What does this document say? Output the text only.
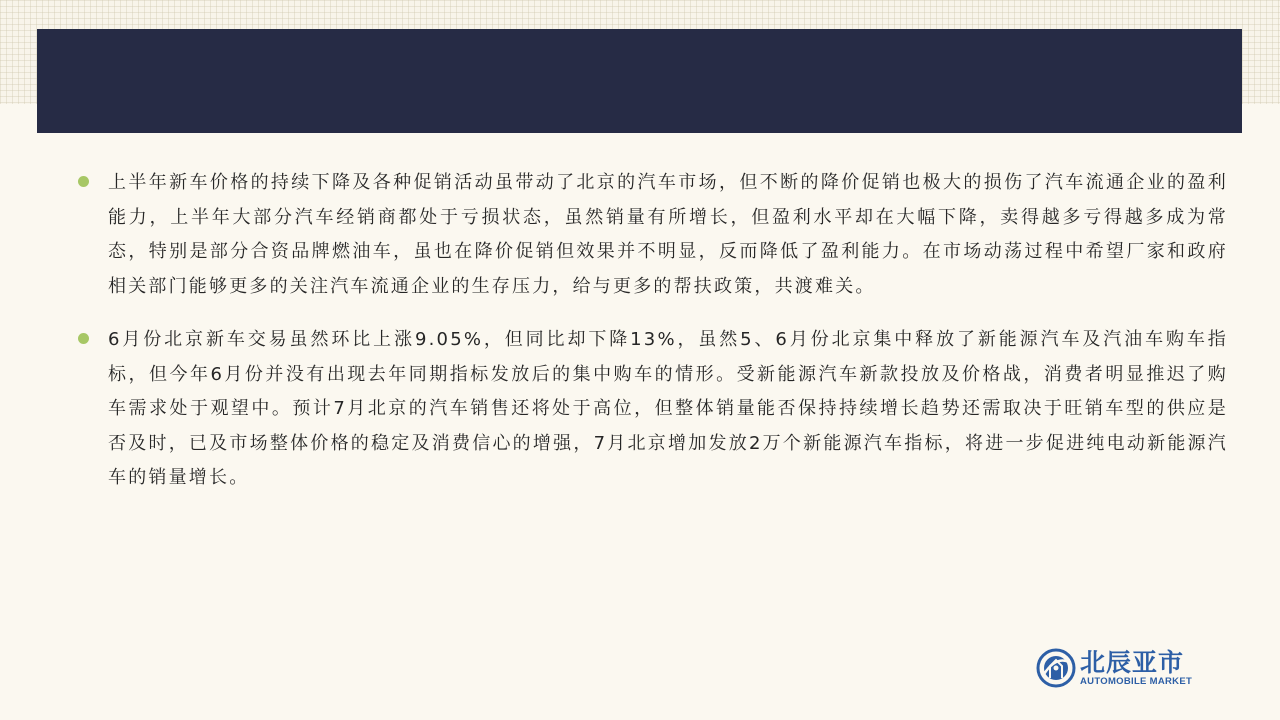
上半年新车价格的持续下降及各种促销活动虽带动了北京的汽车市场，但不断的降价促销也极大的损伤了汽车流通企业的盈利能力，上半年大部分汽车经销商都处于亏损状态，虽然销量有所增长，但盈利水平却在大幅下降，卖得越多亏得越多成为常态，特别是部分合资品牌燃油车，虽也在降价促销但效果并不明显，反而降低了盈利能力。在市场动荡过程中希望厂家和政府相关部门能够更多的关注汽车流通企业的生存压力，给与更多的帮扶政策，共渡难关。
6月份北京新车交易虽然环比上涨9.05%，但同比却下降13%，虽然5、6月份北京集中释放了新能源汽车及汽油车购车指标，但今年6月份并没有出现去年同期指标发放后的集中购车的情形。受新能源汽车新款投放及价格战，消费者明显推迟了购车需求处于观望中。预计7月北京的汽车销售还将处于高位，但整体销量能否保持持续增长趋势还需取决于旺销车型的供应是否及时，已及市场整体价格的稳定及消费信心的增强，7月北京增加发放2万个新能源汽车指标，将进一步促进纯电动新能源汽车的销量增长。
北辰亚市
AUTOMOBILE MARKET
